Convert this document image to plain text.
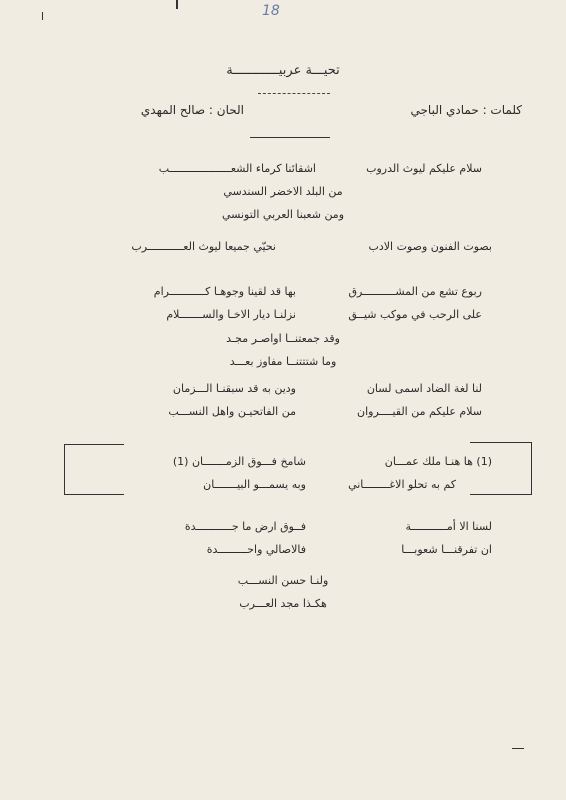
18
تحيـــة عربيــــــــــــة
كلمات : حمادي الباجي
الحان : صالح المهدي
سلام عليكم ليوث الدروب
اشقائنا كرماء الشعـــــــــــــــــــب
من البلد الاخضر السندسي
ومن شعبنا العربي التونسي
بصوت الفنون وصوت الادب
نحيّي جميعا ليوث العـــــــــــرب
ربوع تشع من المشــــــــــرق
بها قد لقينا وجوهـا كـــــــــــرام
على الرحب في موكب شيــق
نزلنـا ديار الاخـا والســـــــلام
وقد جمعتنــا اواصـر مجـد
وما شتتتنــا مفاوز بعـــد
لنا لغة الضاد اسمى لسان
ودين به قد سبقنـا الـــزمان
سلام عليكم من القيــــروان
من الفاتحيـن واهل النســـب
(1) ها هنـا ملك عمـــان
شامخ فـــوق الزمـــــــان (1)
كم به تحلو الاغــــــــاني
وبه يسمـــو البيـــــــان
لسنا الا أمـــــــــــة
فــوق ارض ما جـــــــــــدة
ان تفرقنـــا شعوبـــا
فالاصالي واحـــــــــدة
ولنـا حسن النســـب
هكـذا مجد العـــرب
